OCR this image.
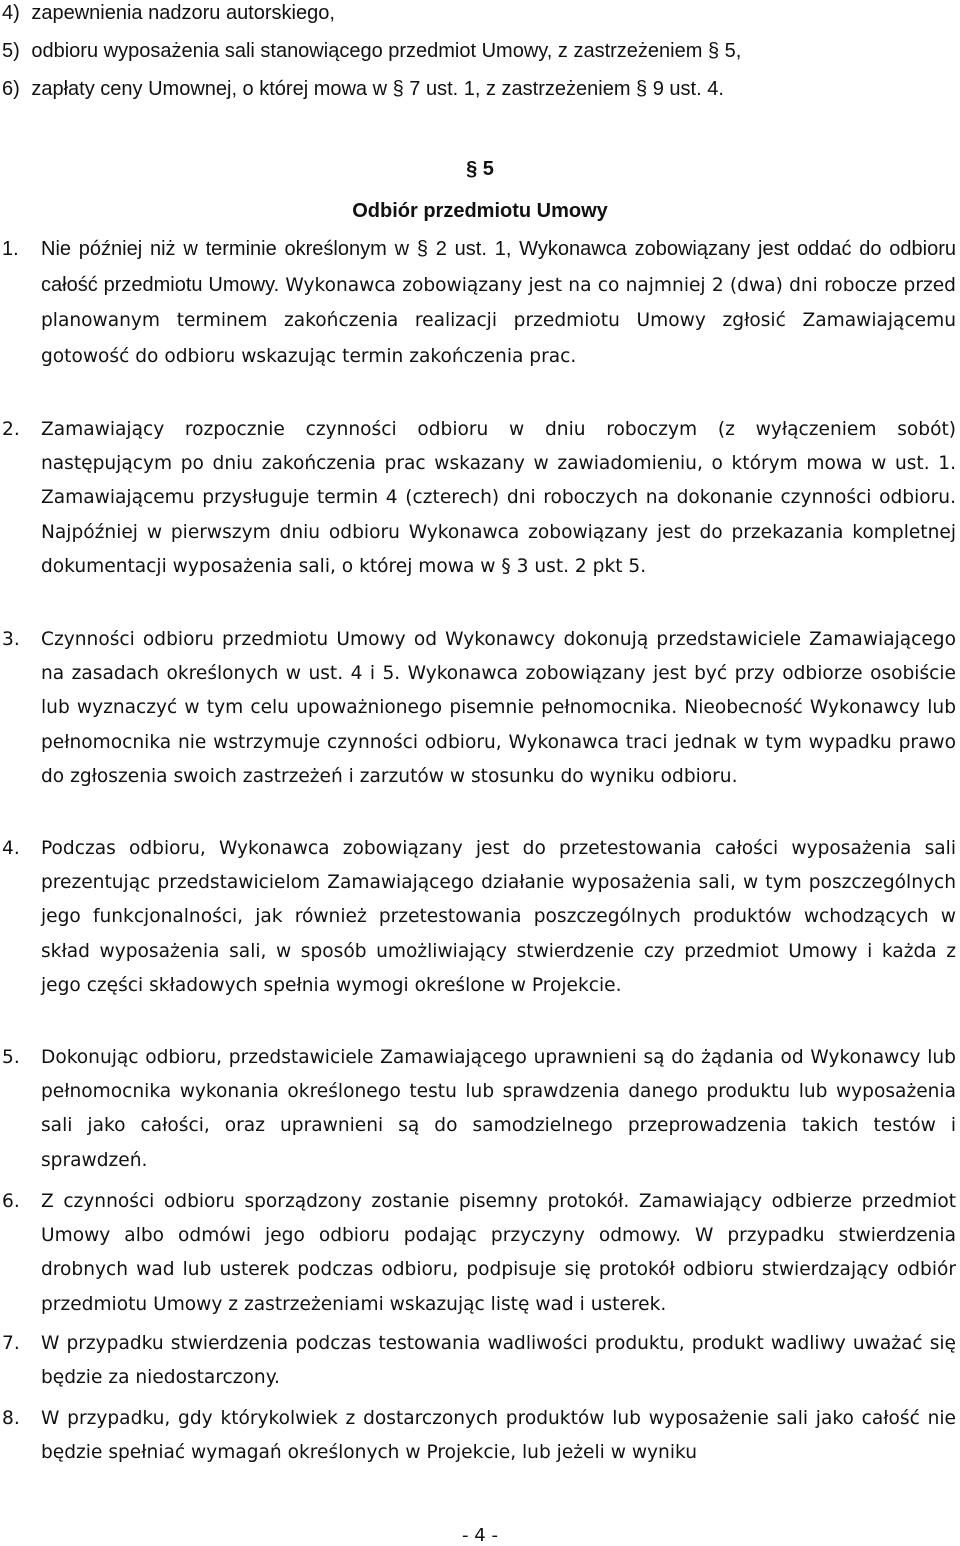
4) zapewnienia nadzoru autorskiego,
5) odbioru wyposażenia sali stanowiącego przedmiot Umowy, z zastrzeżeniem § 5,
6) zapłaty ceny Umownej, o której mowa w § 7 ust. 1, z zastrzeżeniem § 9 ust. 4.
§ 5
Odbiór przedmiotu Umowy
1. Nie później niż w terminie określonym w § 2 ust. 1, Wykonawca zobowiązany jest oddać do odbioru całość przedmiotu Umowy. Wykonawca zobowiązany jest na co najmniej 2 (dwa) dni robocze przed planowanym terminem zakończenia realizacji przedmiotu Umowy zgłosić Zamawiającemu gotowość do odbioru wskazując termin zakończenia prac.
2. Zamawiający rozpocznie czynności odbioru w dniu roboczym (z wyłączeniem sobót) następującym po dniu zakończenia prac wskazany w zawiadomieniu, o którym mowa w ust. 1. Zamawiającemu przysługuje termin 4 (czterech) dni roboczych na dokonanie czynności odbioru. Najpóźniej w pierwszym dniu odbioru Wykonawca zobowiązany jest do przekazania kompletnej dokumentacji wyposażenia sali, o której mowa w § 3 ust. 2 pkt 5.
3. Czynności odbioru przedmiotu Umowy od Wykonawcy dokonują przedstawiciele Zamawiającego na zasadach określonych w ust. 4 i 5. Wykonawca zobowiązany jest być przy odbiorze osobiście lub wyznaczyć w tym celu upoważnionego pisemnie pełnomocnika. Nieobecność Wykonawcy lub pełnomocnika nie wstrzymuje czynności odbioru, Wykonawca traci jednak w tym wypadku prawo do zgłoszenia swoich zastrzeżeń i zarzutów w stosunku do wyniku odbioru.
4. Podczas odbioru, Wykonawca zobowiązany jest do przetestowania całości wyposażenia sali prezentując przedstawicielom Zamawiającego działanie wyposażenia sali, w tym poszczególnych jego funkcjonalności, jak również przetestowania poszczególnych produktów wchodzących w skład wyposażenia sali, w sposób umożliwiający stwierdzenie czy przedmiot Umowy i każda z jego części składowych spełnia wymogi określone w Projekcie.
5. Dokonując odbioru, przedstawiciele Zamawiającego uprawnieni są do żądania od Wykonawcy lub pełnomocnika wykonania określonego testu lub sprawdzenia danego produktu lub wyposażenia sali jako całości, oraz uprawnieni są do samodzielnego przeprowadzenia takich testów i sprawdzeń.
6. Z czynności odbioru sporządzony zostanie pisemny protokół. Zamawiający odbierze przedmiot Umowy albo odmówi jego odbioru podając przyczyny odmowy. W przypadku stwierdzenia drobnych wad lub usterek podczas odbioru, podpisuje się protokół odbioru stwierdzający odbiór przedmiotu Umowy z zastrzeżeniami wskazując listę wad i usterek.
7. W przypadku stwierdzenia podczas testowania wadliwości produktu, produkt wadliwy uważać się będzie za niedostarczony.
8. W przypadku, gdy którykolwiek z dostarczonych produktów lub wyposażenie sali jako całość nie będzie spełniać wymagań określonych w Projekcie, lub jeżeli w wyniku
- 4 -
